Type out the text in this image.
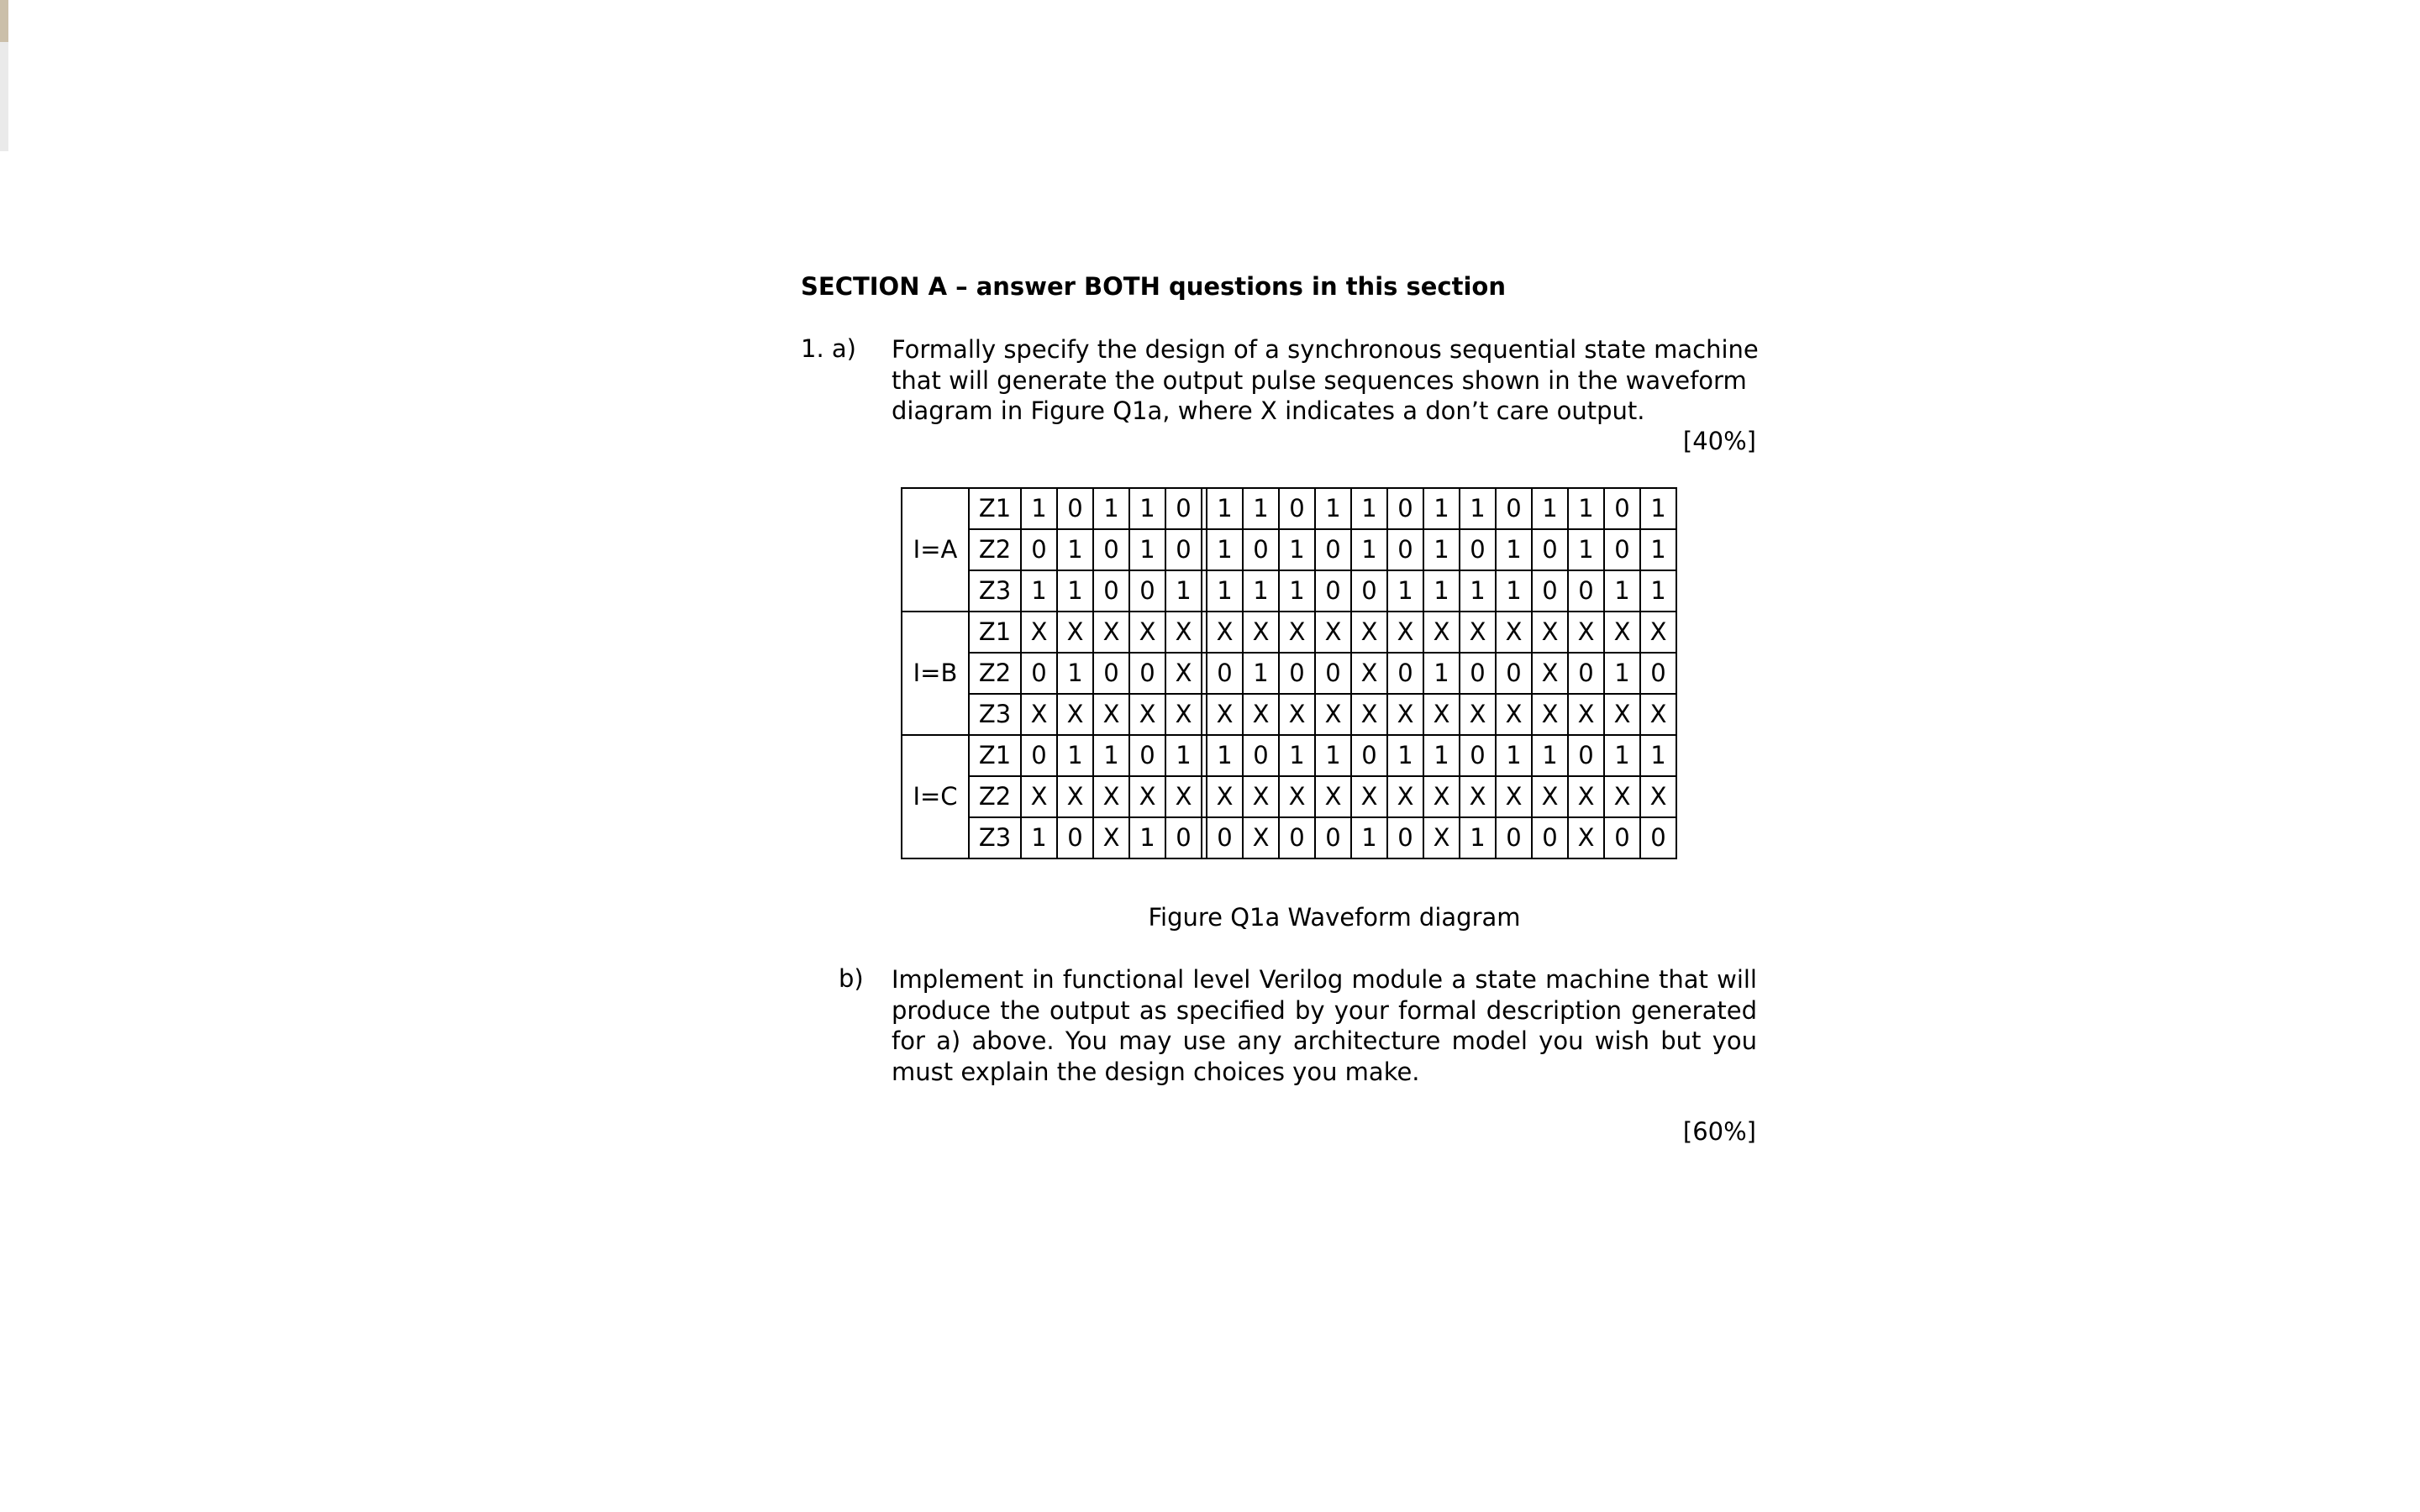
SECTION A – answer BOTH questions in this section
1. a) Formally specify the design of a synchronous sequential state machine that will generate the output pulse sequences shown in the waveform diagram in Figure Q1a, where X indicates a don’t care output.
[40%]
I=A	Z1	1	0	1	1	0		1	1	0	1	1	0	1	1	0	1	1	0	1
	Z2	0	1	0	1	0		1	0	1	0	1	0	1	0	1	0	1	0	1
	Z3	1	1	0	0	1		1	1	1	0	0	1	1	1	1	0	0	1	1
I=B	Z1	X	X	X	X	X		X	X	X	X	X	X	X	X	X	X	X	X	X
	Z2	0	1	0	0	X		0	1	0	0	X	0	1	0	0	X	0	1	0
	Z3	X	X	X	X	X		X	X	X	X	X	X	X	X	X	X	X	X	X
I=C	Z1	0	1	1	0	1		1	0	1	1	0	1	1	0	1	1	0	1	1
	Z2	X	X	X	X	X		X	X	X	X	X	X	X	X	X	X	X	X	X
	Z3	1	0	X	1	0		0	X	0	0	1	0	X	1	0	0	X	0	0
Figure Q1a Waveform diagram
b) Implement in functional level Verilog module a state machine that will produce the output as specified by your formal description generated for a) above. You may use any architecture model you wish but you must explain the design choices you make.
[60%]
